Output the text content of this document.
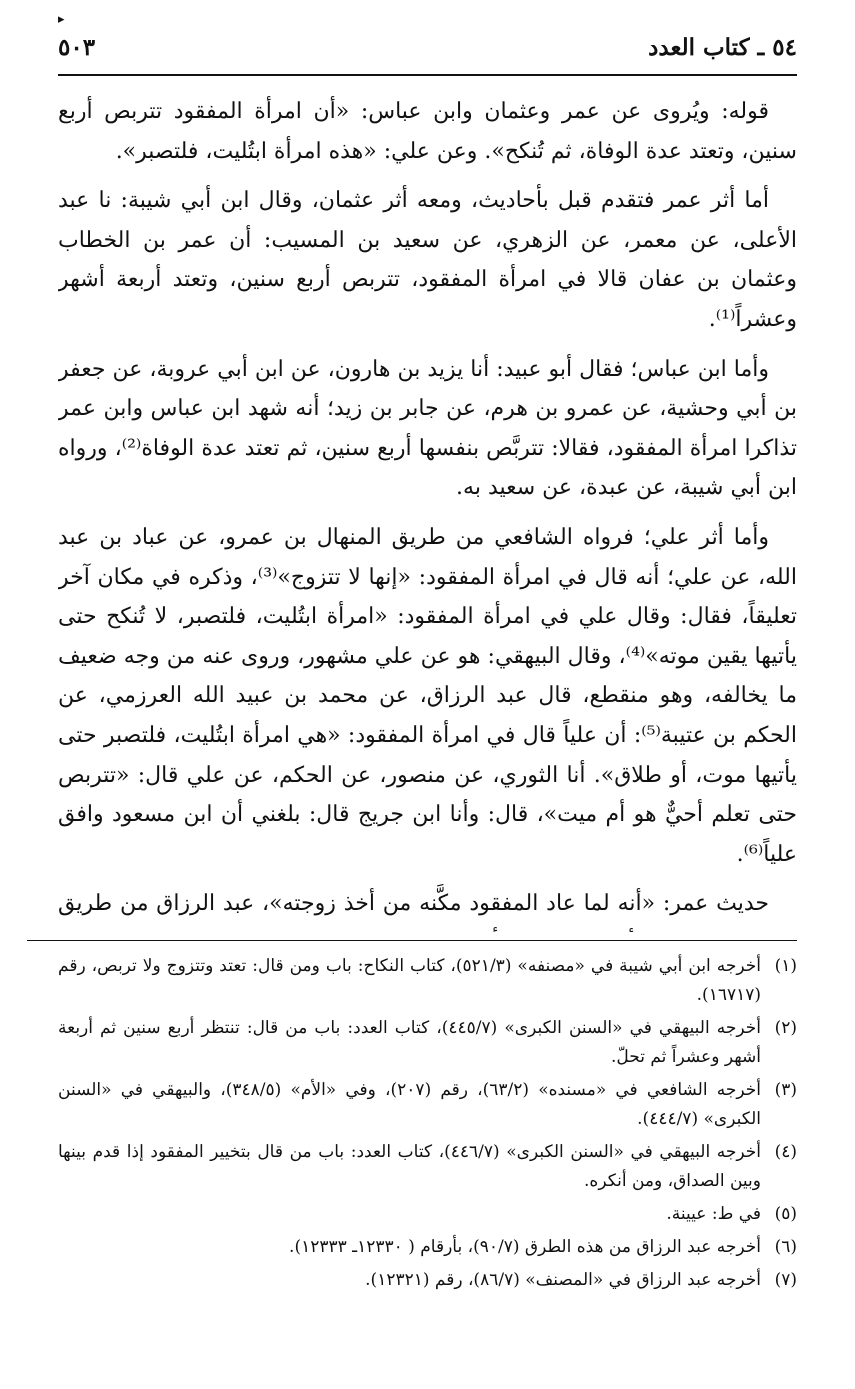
▸
٥٤ ـ كتاب العدد
٥٠٣

قوله: ويُروى عن عمر وعثمان وابن عباس: «أن امرأة المفقود تتربص أربع سنين، وتعتد عدة الوفاة، ثم تُنكح». وعن علي: «هذه امرأة ابتُليت، فلتصبر».

أما أثر عمر فتقدم قبل بأحاديث، ومعه أثر عثمان، وقال ابن أبي شيبة: نا عبد الأعلى، عن معمر، عن الزهري، عن سعيد بن المسيب: أن عمر بن الخطاب وعثمان بن عفان قالا في امرأة المفقود، تتربص أربع سنين، وتعتد أربعة أشهر وعشراً⁽¹⁾.

وأما ابن عباس؛ فقال أبو عبيد: أنا يزيد بن هارون، عن ابن أبي عروبة، عن جعفر بن أبي وحشية، عن عمرو بن هرم، عن جابر بن زيد؛ أنه شهد ابن عباس وابن عمر تذاكرا امرأة المفقود، فقالا: تتربَّص بنفسها أربع سنين، ثم تعتد عدة الوفاة⁽²⁾، ورواه ابن أبي شيبة، عن عبدة، عن سعيد به.

وأما أثر علي؛ فرواه الشافعي من طريق المنهال بن عمرو، عن عباد بن عبد الله، عن علي؛ أنه قال في امرأة المفقود: «إنها لا تتزوج»⁽³⁾، وذكره في مكان آخر تعليقاً، فقال: وقال علي في امرأة المفقود: «امرأة ابتُليت، فلتصبر، لا تُنكح حتى يأتيها يقين موته»⁽⁴⁾، وقال البيهقي: هو عن علي مشهور، وروى عنه من وجه ضعيف ما يخالفه، وهو منقطع، قال عبد الرزاق، عن محمد بن عبيد الله العرزمي، عن الحكم بن عتيبة⁽⁵⁾: أن علياً قال في امرأة المفقود: «هي امرأة ابتُليت، فلتصبر حتى يأتيها موت، أو طلاق». أنا الثوري، عن منصور، عن الحكم، عن علي قال: «تتربص حتى تعلم أحيٌّ هو أم ميت»، قال: وأنا ابن جريج قال: بلغني أن ابن مسعود وافق علياً⁽⁶⁾.

حديث عمر: «أنه لما عاد المفقود مكَّنه من أخذ زوجته»، عبد الرزاق من طريق

(١)
أخرجه ابن أبي شيبة في «مصنفه» (٥٢١/٣)، كتاب النكاح: باب ومن قال: تعتد وتتزوج ولا تربص، رقم (١٦٧١٧).

(٢)
أخرجه البيهقي في «السنن الكبرى» (٤٤٥/٧)، كتاب العدد: باب من قال: تنتظر أربع سنين ثم أربعة أشهر وعشراً ثم تحلّ.

(٣)
أخرجه الشافعي في «مسنده» (٦٣/٢)، رقم (٢٠٧)، وفي «الأم» (٣٤٨/٥)، والبيهقي في «السنن الكبرى» (٤٤٤/٧).

(٤)
أخرجه البيهقي في «السنن الكبرى» (٤٤٦/٧)، كتاب العدد: باب من قال بتخيير المفقود إذا قدم بينها وبين الصداق، ومن أنكره.

(٥)
في ط: عيينة.

(٦)
أخرجه عبد الرزاق من هذه الطرق (٩٠/٧)، بأرقام ( ١٢٣٣٠ـ ١٢٣٣٣).

(٧)
أخرجه عبد الرزاق في «المصنف» (٨٦/٧)، رقم (١٢٣٢١).
